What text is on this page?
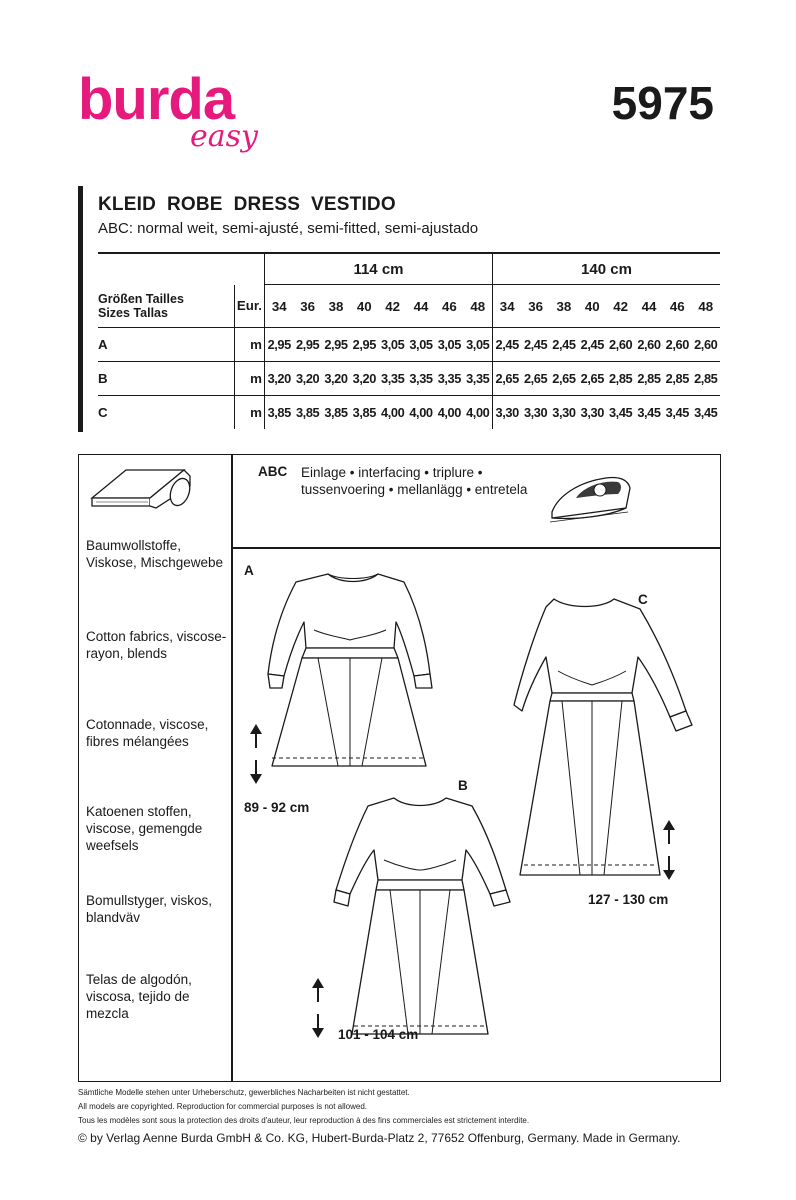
burda
easy
5975
KLEID  ROBE  DRESS  VESTIDO
ABC: normal weit, semi-ajusté, semi-fitted, semi-ajustado
		114 cm								140 cm							
Größen Tailles
Sizes Tallas	Eur.	34	36	38	40	42	44	46	48	34	36	38	40	42	44	46	48
A	m	2,95	2,95	2,95	2,95	3,05	3,05	3,05	3,05	2,45	2,45	2,45	2,45	2,60	2,60	2,60	2,60
B	m	3,20	3,20	3,20	3,20	3,35	3,35	3,35	3,35	2,65	2,65	2,65	2,65	2,85	2,85	2,85	2,85
C	m	3,85	3,85	3,85	3,85	4,00	4,00	4,00	4,00	3,30	3,30	3,30	3,30	3,45	3,45	3,45	3,45
Baumwollstoffe, Viskose, Mischgewebe
Cotton fabrics, viscose-rayon, blends
Cotonnade, viscose, fibres mélangées
Katoenen stoffen, viscose, gemengde weefsels
Bomullstyger, viskos, blandväv
Telas de algodón, viscosa, tejido de mezcla
ABC Einlage • interfacing • triplure • tussenvoering • mellanlägg • entretela
A
C
B
89 - 92 cm
127 - 130 cm
101 - 104 cm
Sämtliche Modelle stehen unter Urheberschutz, gewerbliches Nacharbeiten ist nicht gestattet.
All models are copyrighted. Reproduction for commercial purposes is not allowed.
Tous les modèles sont sous la protection des droits d'auteur, leur reproduction à des fins commerciales est strictement interdite.
© by Verlag Aenne Burda GmbH & Co. KG, Hubert-Burda-Platz 2, 77652 Offenburg, Germany. Made in Germany.
